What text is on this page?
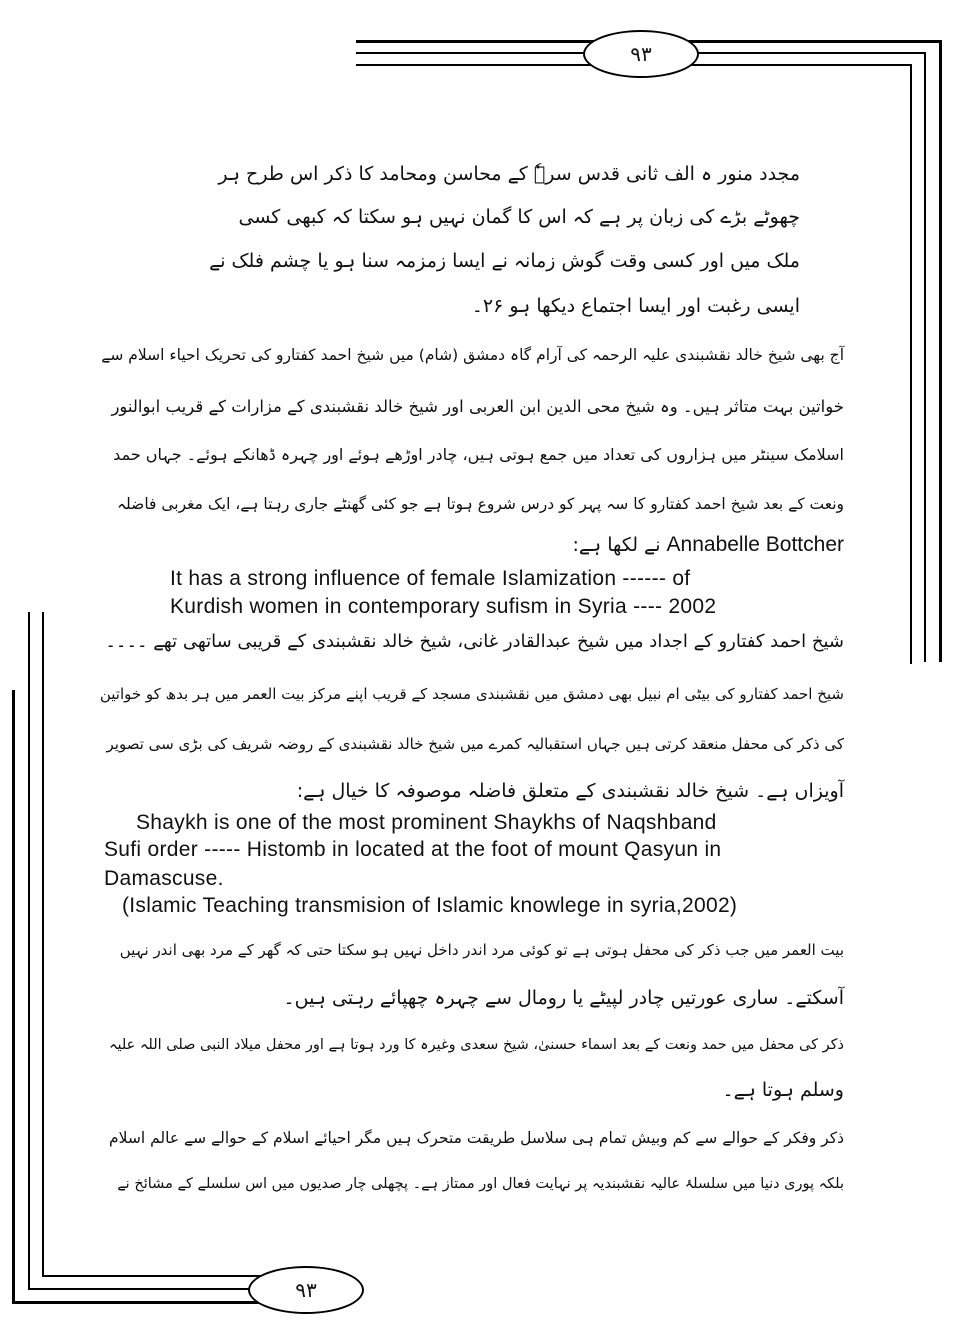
۹۳
۹۳
مجدد منور ہ الف ثانی قدس سرہٗ کے محاسن ومحامد کا ذکر اس طرح ہر
چھوٹے بڑے کی زبان پر ہے کہ اس کا گمان نہیں ہو سکتا کہ کبھی کسی
ملک میں اور کسی وقت گوش زمانہ نے ایسا زمزمہ سنا ہو یا چشم فلک نے
ایسی رغبت اور ایسا اجتماع دیکھا ہو ۲۶۔
آج بھی شیخ خالد نقشبندی علیہ الرحمہ کی آرام گاہ دمشق (شام) میں شیخ احمد کفتارو کی تحریک احیاء اسلام سے
خواتین بہت متاثر ہیں۔ وہ شیخ محی الدین ابن العربی اور شیخ خالد نقشبندی کے مزارات کے قریب ابوالنور
اسلامک سینٹر میں ہزاروں کی تعداد میں جمع ہوتی ہیں، چادر اوڑھے ہوئے اور چہرہ ڈھانکے ہوئے۔ جہاں حمد
ونعت کے بعد شیخ احمد کفتارو کا سہ پہر کو درس شروع ہوتا ہے جو کئی گھنٹے جاری رہتا ہے، ایک مغربی فاضلہ
Annabelle Bottcher نے لکھا ہے:
It has a strong influence of female Islamization ------ of
Kurdish women in contemporary sufism in Syria ---- 2002
شیخ احمد کفتارو کے اجداد میں شیخ عبدالقادر غانی، شیخ خالد نقشبندی کے قریبی ساتھی تھے ۔۔۔۔
شیخ احمد کفتارو کی بیٹی ام نبیل بھی دمشق میں نقشبندی مسجد کے قریب اپنے مرکز بیت العمر میں ہر بدھ کو خواتین
کی ذکر کی محفل منعقد کرتی ہیں جہاں استقبالیہ کمرے میں شیخ خالد نقشبندی کے روضہ شریف کی بڑی سی تصویر
آویزاں ہے۔ شیخ خالد نقشبندی کے متعلق فاضلہ موصوفہ کا خیال ہے:
Shaykh is one of the most prominent Shaykhs of Naqshband
Sufi order ----- Histomb in located at the foot of mount Qasyun in
Damascuse.
(Islamic Teaching transmision of Islamic knowlege in syria,2002)
بیت العمر میں جب ذکر کی محفل ہوتی ہے تو کوئی مرد اندر داخل نہیں ہو سکتا حتی کہ گھر کے مرد بھی اندر نہیں
آسکتے۔ ساری عورتیں چادر لپیٹے یا رومال سے چہرہ چھپائے رہتی ہیں۔
ذکر کی محفل میں حمد ونعت کے بعد اسماء حسنیٰ، شیخ سعدی وغیرہ کا ورد ہوتا ہے اور محفل میلاد النبی صلی اللہ علیہ
وسلم ہوتا ہے۔
ذکر وفکر کے حوالے سے کم وبیش تمام ہی سلاسل طریقت متحرک ہیں مگر احیائے اسلام کے حوالے سے عالم اسلام
بلکہ پوری دنیا میں سلسلۂ عالیہ نقشبندیہ پر نہایت فعال اور ممتاز ہے۔ پچھلی چار صدیوں میں اس سلسلے کے مشائخ نے
